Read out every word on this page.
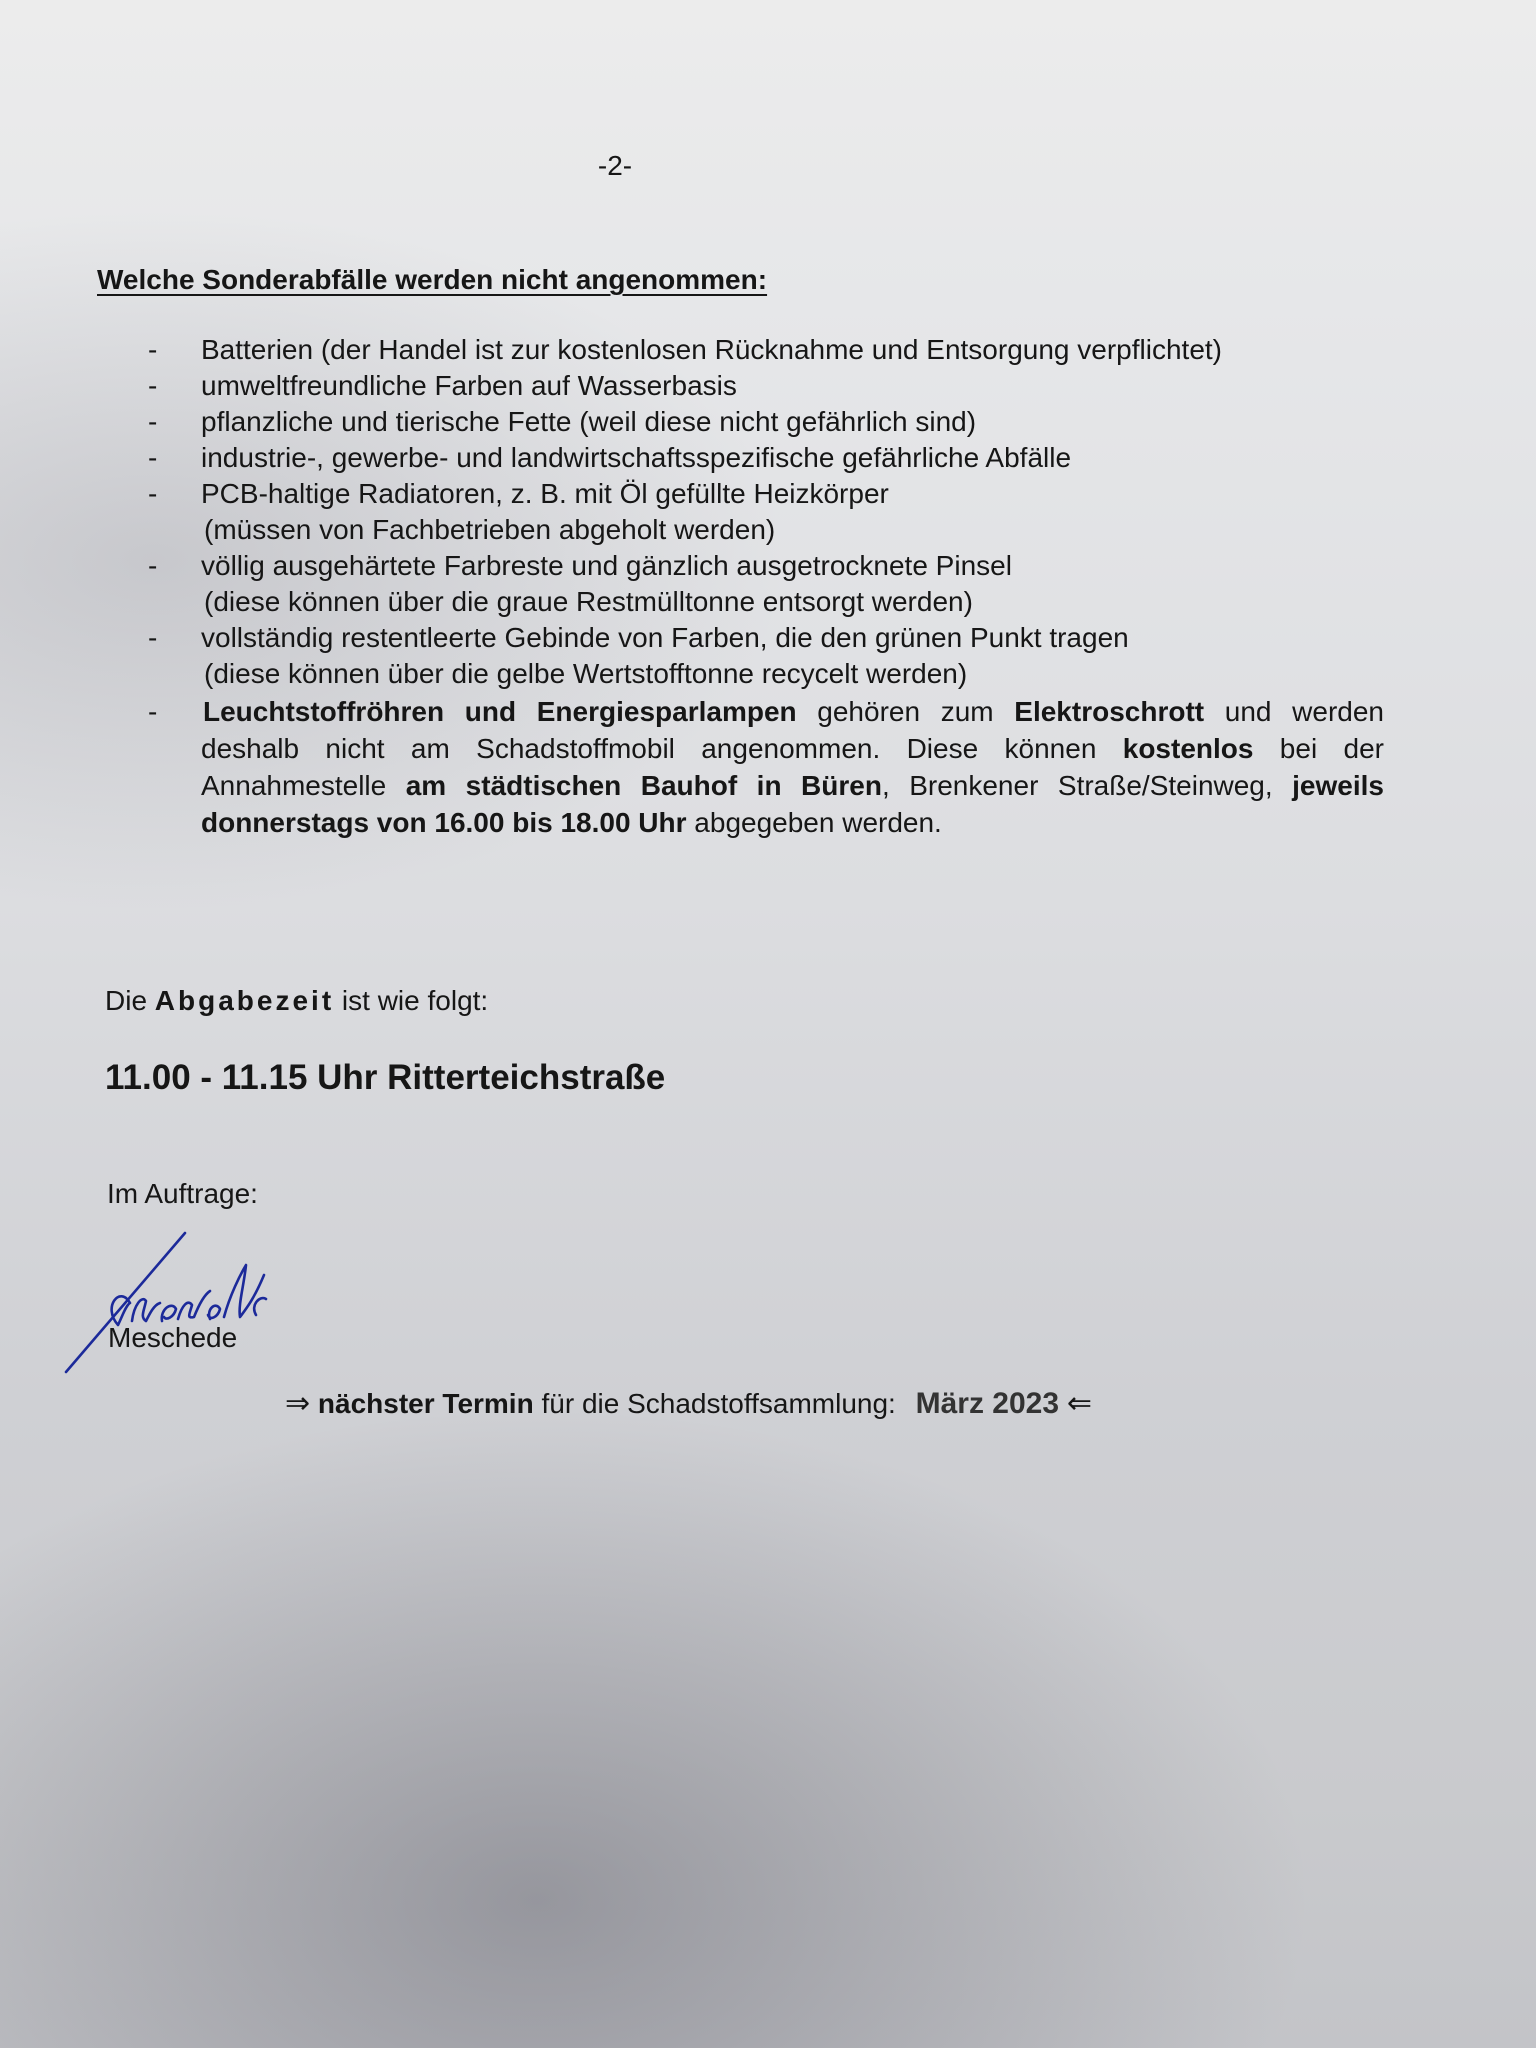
-2-
Welche Sonderabfälle werden nicht angenommen:
- Batterien (der Handel ist zur kostenlosen Rücknahme und Entsorgung verpflichtet)
- umweltfreundliche Farben auf Wasserbasis
- pflanzliche und tierische Fette (weil diese nicht gefährlich sind)
- industrie-, gewerbe- und landwirtschaftsspezifische gefährliche Abfälle
- PCB-haltige Radiatoren, z. B. mit Öl gefüllte Heizkörper
(müssen von Fachbetrieben abgeholt werden)
- völlig ausgehärtete Farbreste und gänzlich ausgetrocknete Pinsel
(diese können über die graue Restmülltonne entsorgt werden)
- vollständig restentleerte Gebinde von Farben, die den grünen Punkt tragen
(diese können über die gelbe Wertstofftonne recycelt werden)
- Leuchtstoffröhren und Energiesparlampen gehören zum Elektroschrott und werden deshalb nicht am Schadstoffmobil angenommen. Diese können kostenlos bei der Annahmestelle am städtischen Bauhof in Büren, Brenkener Straße/Steinweg, jeweils donnerstags von 16.00 bis 18.00 Uhr abgegeben werden.
Die Abgabezeit ist wie folgt:
11.00 - 11.15 Uhr Ritterteichstraße
Im Auftrage:
Meschede
⇒ nächster Termin für die Schadstoffsammlung: März 2023 ⇐
